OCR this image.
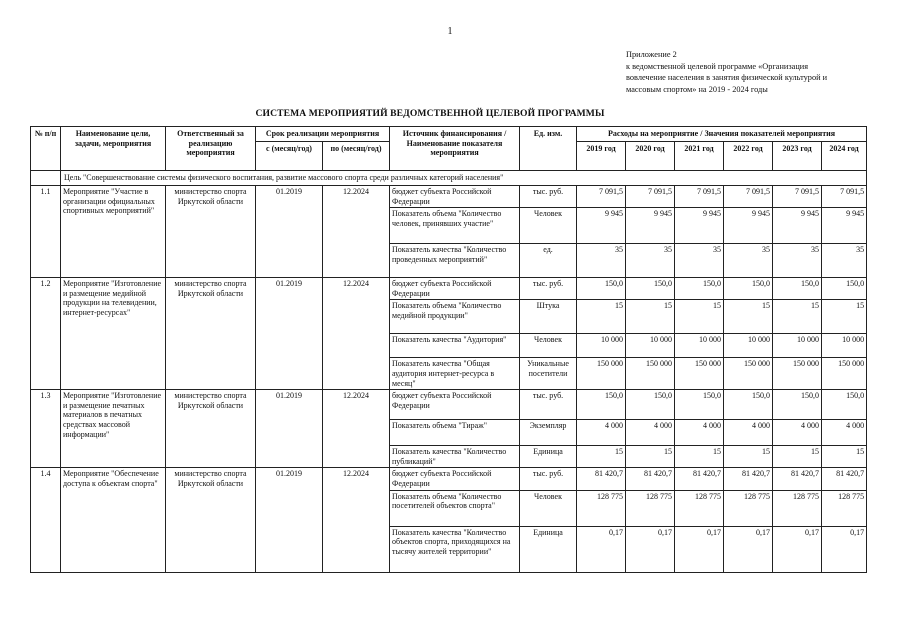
1
Приложение 2
к ведомственной целевой программе «Организация
вовлечение населения в занятия физической культурой и
массовым спортом» на 2019 - 2024 годы
СИСТЕМА МЕРОПРИЯТИЙ ВЕДОМСТВЕННОЙ ЦЕЛЕВОЙ ПРОГРАММЫ
№ п/п	Наименование цели, задачи, мероприятия	Ответственный за реализацию мероприятия	Срок реализации мероприятия		Источник финансирования / Наименование показателя мероприятия	Ед. изм.	Расходы на мероприятие / Значения показателей мероприятия					
			с (месяц/год)	по (месяц/год)			2019 год	2020 год	2021 год	2022 год	2023 год	2024 год
	Цель "Совершенствование системы физического воспитания, развитие массового спорта среди различных категорий населения"											
1.1	Мероприятие "Участие в организации официальных спортивных мероприятий"	министерство спорта Иркутской области	01.2019	12.2024	бюджет субъекта Российской Федерации	тыс. руб.	7 091,5	7 091,5	7 091,5	7 091,5	7 091,5	7 091,5
					Показатель объема "Количество человек, принявших участие"	Человек	9 945	9 945	9 945	9 945	9 945	9 945
					Показатель качества "Количество проведенных мероприятий"	ед.	35	35	35	35	35	35
1.2	Мероприятие "Изготовление и размещение медийной продукции на телевидении, интернет-ресурсах"	министерство спорта Иркутской области	01.2019	12.2024	бюджет субъекта Российской Федерации	тыс. руб.	150,0	150,0	150,0	150,0	150,0	150,0
					Показатель объема "Количество медийной продукции"	Штука	15	15	15	15	15	15
					Показатель качества "Аудитория"	Человек	10 000	10 000	10 000	10 000	10 000	10 000
					Показатель качества "Общая аудитория интернет-ресурса в месяц"	Уникальные посетители	150 000	150 000	150 000	150 000	150 000	150 000
1.3	Мероприятие "Изготовление и размещение печатных материалов в печатных средствах массовой информации"	министерство спорта Иркутской области	01.2019	12.2024	бюджет субъекта Российской Федерации	тыс. руб.	150,0	150,0	150,0	150,0	150,0	150,0
					Показатель объема "Тираж"	Экземпляр	4 000	4 000	4 000	4 000	4 000	4 000
					Показатель качества "Количество публикаций"	Единица	15	15	15	15	15	15
1.4	Мероприятие "Обеспечение доступа к объектам спорта"	министерство спорта Иркутской области	01.2019	12.2024	бюджет субъекта Российской Федерации	тыс. руб.	81 420,7	81 420,7	81 420,7	81 420,7	81 420,7	81 420,7
					Показатель объема "Количество посетителей объектов спорта"	Человек	128 775	128 775	128 775	128 775	128 775	128 775
					Показатель качества "Количество объектов спорта, приходящихся на тысячу жителей территории"	Единица	0,17	0,17	0,17	0,17	0,17	0,17
